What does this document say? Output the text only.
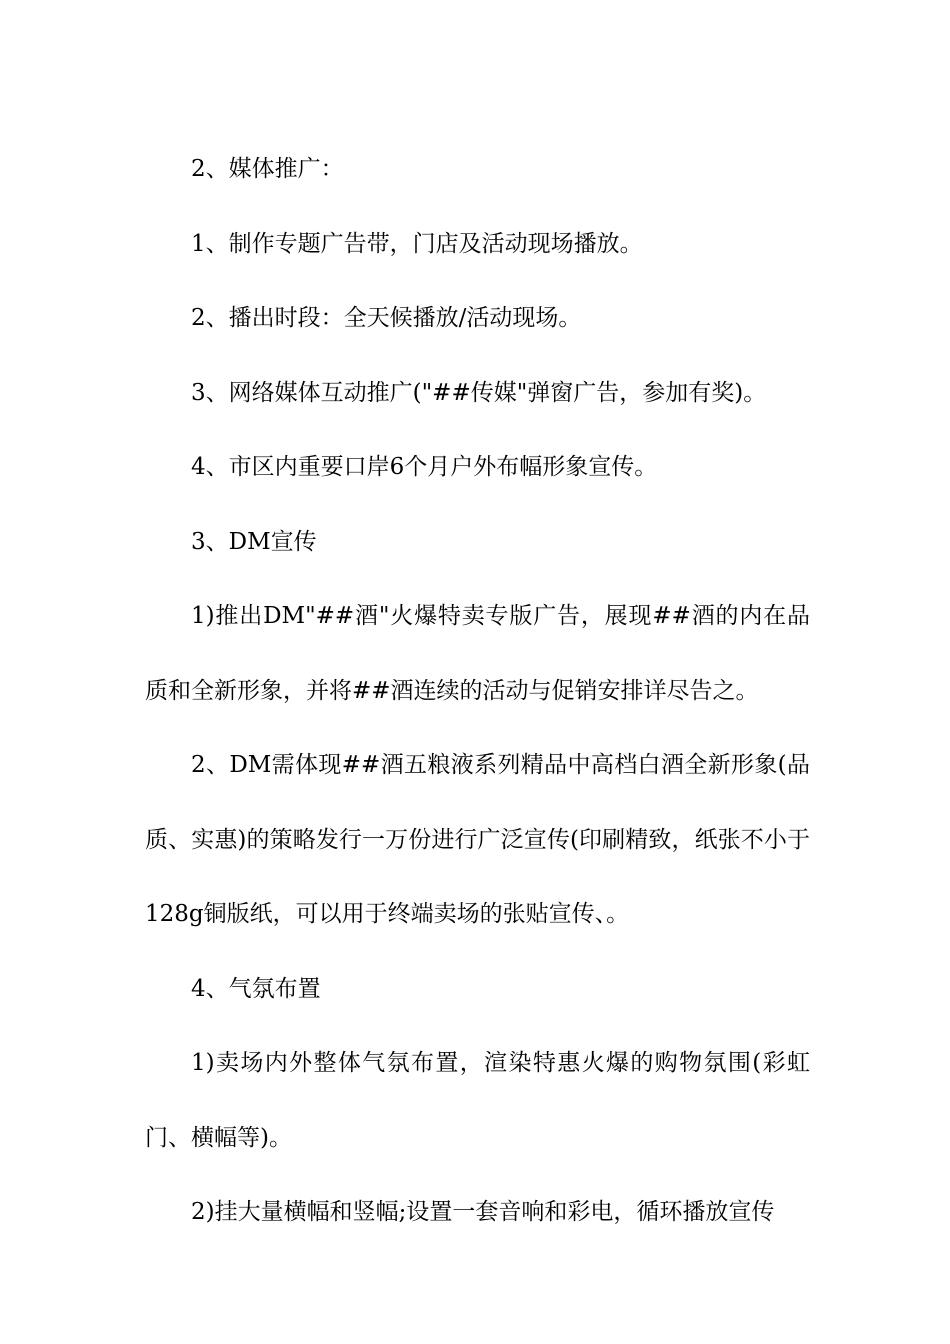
2、媒体推广：

1、制作专题广告带，门店及活动现场播放。

2、播出时段：全天候播放/活动现场。

3、网络媒体互动推广("##传媒"弹窗广告，参加有奖)。

4、市区内重要口岸6个月户外布幅形象宣传。

3、DM宣传

1)推出DM"##酒"火爆特卖专版广告，展现##酒的内在品质和全新形象，并将##酒连续的活动与促销安排详尽告之。

2、DM需体现##酒五粮液系列精品中高档白酒全新形象(品质、实惠)的策略发行一万份进行广泛宣传(印刷精致，纸张不小于128g铜版纸，可以用于终端卖场的张贴宣传、。

4、气氛布置

1)卖场内外整体气氛布置，渲染特惠火爆的购物氛围(彩虹门、横幅等)。

2)挂大量横幅和竖幅;设置一套音响和彩电，循环播放宣传
